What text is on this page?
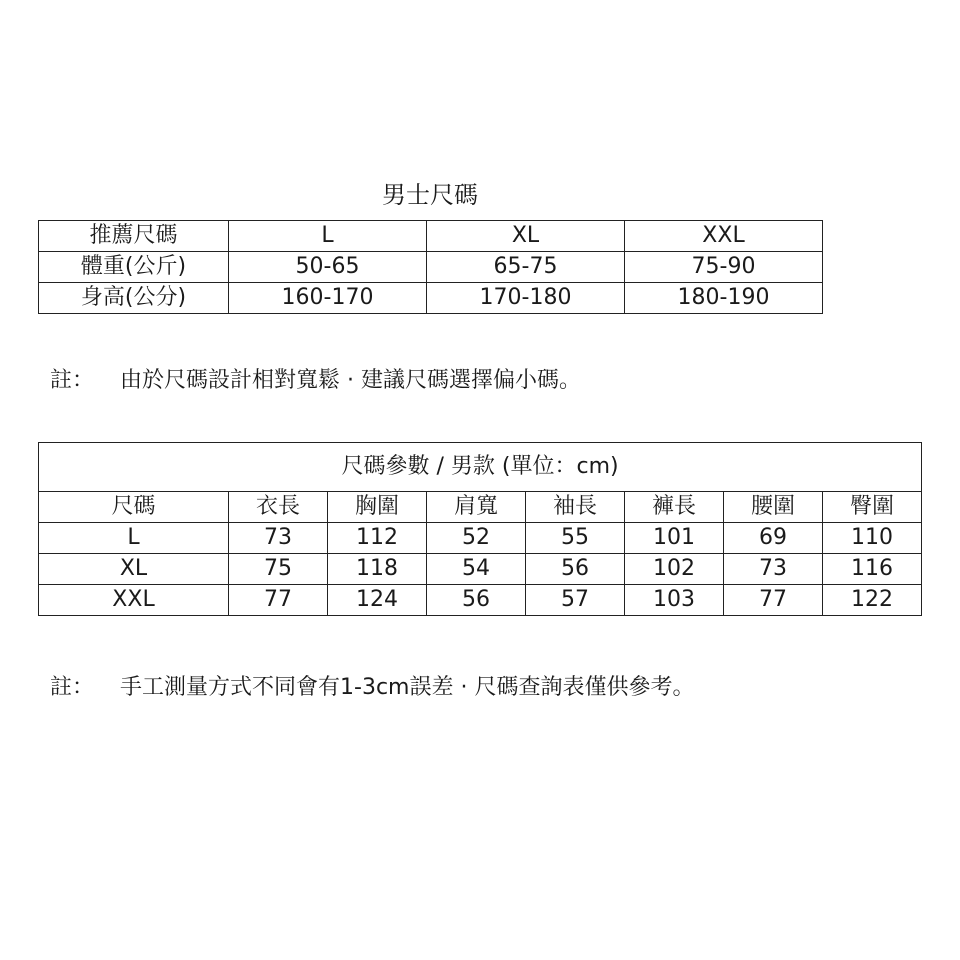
男士尺碼
推薦尺碼	L	XL	XXL
體重(公斤)	50-65	65-75	75-90
身高(公分)	160-170	170-180	180-190
註： 由於尺碼設計相對寬鬆 · 建議尺碼選擇偏小碼。
尺碼參數 / 男款 (單位：cm)							
尺碼	衣長	胸圍	肩寬	袖長	褲長	腰圍	臀圍
L	73	112	52	55	101	69	110
XL	75	118	54	56	102	73	116
XXL	77	124	56	57	103	77	122
註： 手工測量方式不同會有1-3cm誤差 · 尺碼查詢表僅供參考。
